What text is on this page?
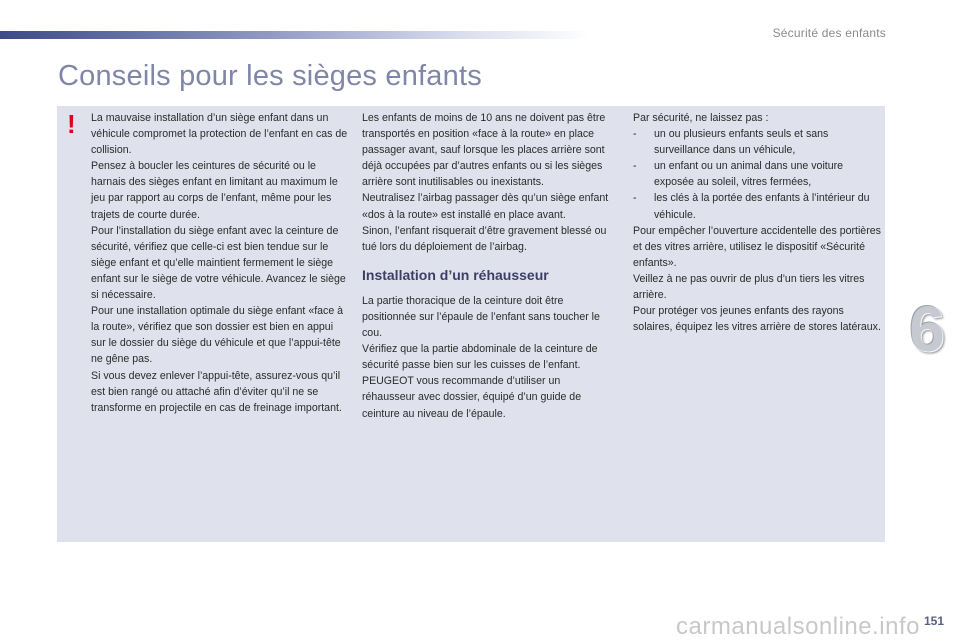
Sécurité des enfants
Conseils pour les sièges enfants
! La mauvaise installation d’un siège enfant dans un véhicule compromet la protection de l’enfant en cas de collision.

Pensez à boucler les ceintures de sécurité ou le harnais des sièges enfant en limitant au maximum le jeu par rapport au corps de l’enfant, même pour les trajets de courte durée.

Pour l’installation du siège enfant avec la ceinture de sécurité, vérifiez que celle-ci est bien tendue sur le siège enfant et qu’elle maintient fermement le siège enfant sur le siège de votre véhicule. Avancez le siège si nécessaire.

Pour une installation optimale du siège enfant «face à la route», vérifiez que son dossier est bien en appui sur le dossier du siège du véhicule et que l’appui-tête ne gêne pas.

Si vous devez enlever l’appui-tête, assurez-vous qu’il est bien rangé ou attaché afin d’éviter qu’il ne se transforme en projectile en cas de freinage important.

Les enfants de moins de 10 ans ne doivent pas être transportés en position «face à la route» en place passager avant, sauf lorsque les places arrière sont déjà occupées par d’autres enfants ou si les sièges arrière sont inutilisables ou inexistants.

Neutralisez l’airbag passager dès qu’un siège enfant «dos à la route» est installé en place avant.

Sinon, l’enfant risquerait d’être gravement blessé ou tué lors du déploiement de l’airbag.

Installation d’un réhausseur

La partie thoracique de la ceinture doit être positionnée sur l’épaule de l’enfant sans toucher le cou.

Vérifiez que la partie abdominale de la ceinture de sécurité passe bien sur les cuisses de l’enfant.

PEUGEOT vous recommande d’utiliser un réhausseur avec dossier, équipé d’un guide de ceinture au niveau de l’épaule.

Par sécurité, ne laissez pas :

- un ou plusieurs enfants seuls et sans surveillance dans un véhicule,
- un enfant ou un animal dans une voiture exposée au soleil, vitres fermées,
- les clés à la portée des enfants à l’intérieur du véhicule.

Pour empêcher l’ouverture accidentelle des portières et des vitres arrière, utilisez le dispositif «Sécurité enfants».

Veillez à ne pas ouvrir de plus d’un tiers les vitres arrière.

Pour protéger vos jeunes enfants des rayons solaires, équipez les vitres arrière de stores latéraux. 6
carmanualsonline.info 151
